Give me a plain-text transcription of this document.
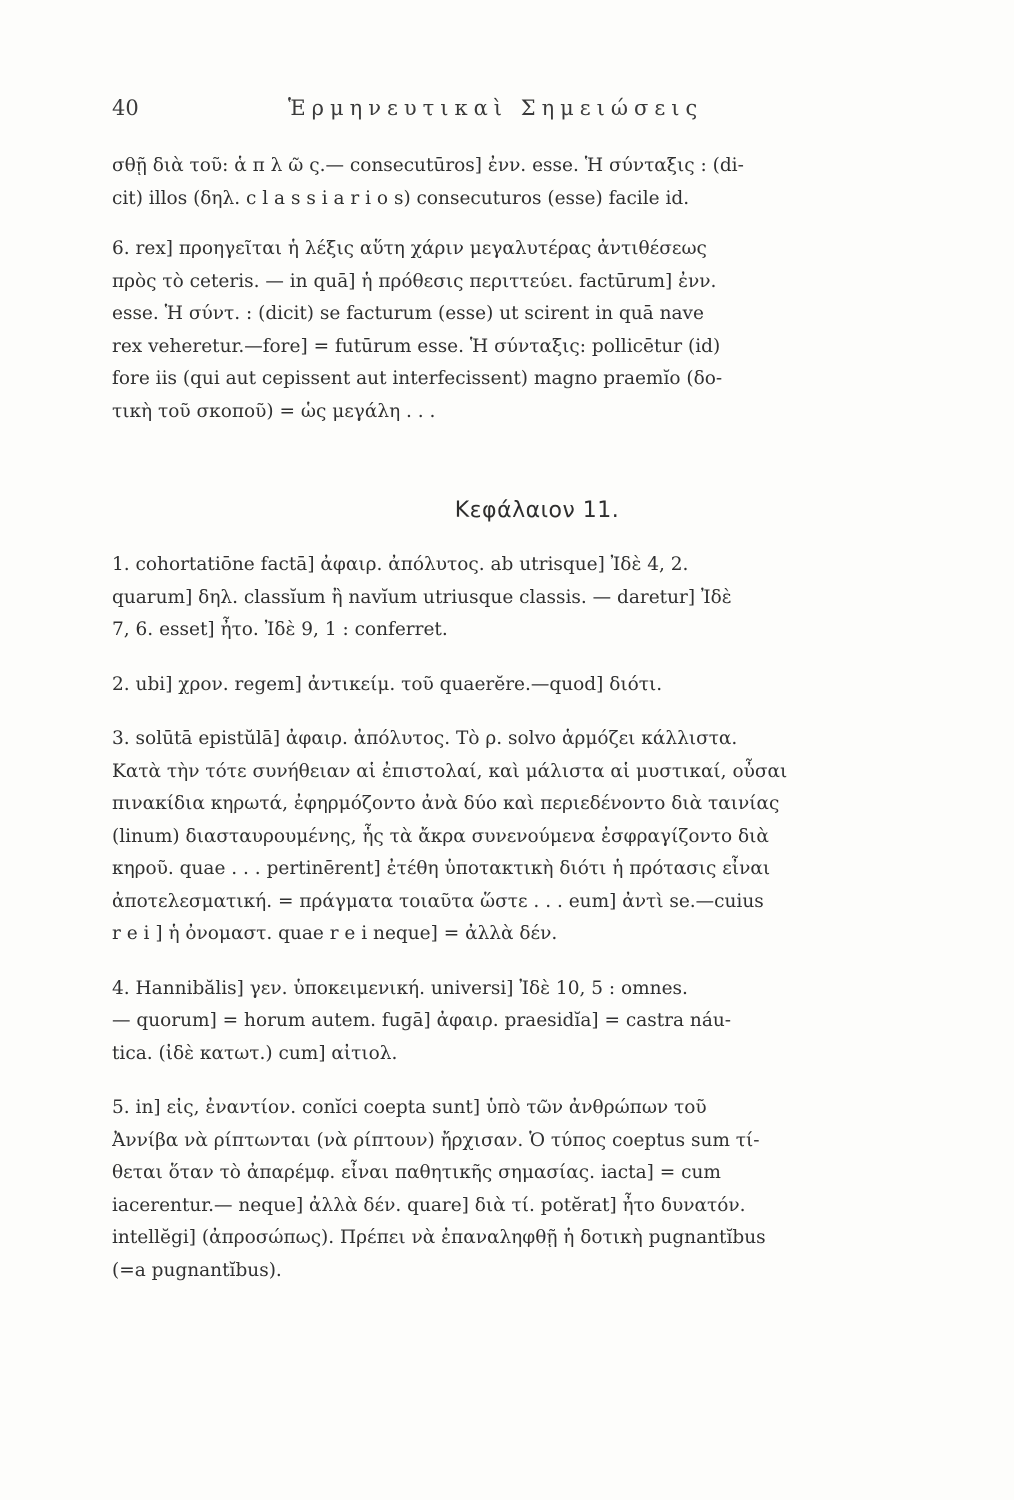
40	Ἑρμηνευτικαὶ Σημειώσεις
σθῇ διὰ τοῦ: ἁ π λ ῶ ς.— consecutūros] ἐνν. esse. Ἡ σύνταξις : (di-
cit) illos (δηλ. c l a s s i a r i o s) consecuturos (esse) facile id.
6. rex] προηγεῖται ἡ λέξις αὕτη χάριν μεγαλυτέρας ἀντιθέσεως
πρὸς τὸ ceteris. — in quā] ἡ πρόθεσις περιττεύει. factūrum] ἐνν.
esse. Ἡ σύντ. : (dicit) se facturum (esse) ut scirent in quā nave
rex veheretur.—fore] = futūrum esse. Ἡ σύνταξις: pollicētur (id)
fore iis (qui aut cepissent aut interfecissent) magno praemĭo (δο-
τικὴ τοῦ σκοποῦ) = ὡς μεγάλη . . .
Κεφάλαιον 11.
1. cohortatiōne factā] ἀφαιρ. ἀπόλυτος. ab utrisque] Ἰδὲ 4, 2.
quarum] δηλ. classĭum ἢ navĭum utriusque classis. — daretur] Ἰδὲ
7, 6. esset] ἦτο. Ἰδὲ 9, 1 : conferret.
2. ubi] χρον. regem] ἀντικείμ. τοῦ quaerĕre.—quod] διότι.
3. solūtā epistŭlā] ἀφαιρ. ἀπόλυτος. Τὸ ρ. solvo ἁρμόζει κάλλιστα.
Κατὰ τὴν τότε συνήθειαν αἱ ἐπιστολαί, καὶ μάλιστα αἱ μυστικαί, οὖσαι
πινακίδια κηρωτά, ἐφηρμόζοντο ἀνὰ δύο καὶ περιεδένοντο διὰ ταινίας
(linum) διασταυρουμένης, ἧς τὰ ἄκρα συνενούμενα ἐσφραγίζοντο διὰ
κηροῦ. quae . . . pertinērent] ἐτέθη ὑποτακτικὴ διότι ἡ πρότασις εἶναι
ἀποτελεσματική. = πράγματα τοιαῦτα ὥστε . . . eum] ἀντὶ se.—cuius
r e i ] ἡ ὀνομαστ. quae r e i neque] = ἀλλὰ δέν.
4. Hannibălis] γεν. ὑποκειμενική. universi] Ἰδὲ 10, 5 : omnes.
— quorum] = horum autem. fugā] ἀφαιρ. praesidĭa] = castra náu-
tica. (ἰδὲ κατωτ.) cum] αἰτιολ.
5. in] εἰς, ἐναντίον. conĭci coepta sunt] ὑπὸ τῶν ἀνθρώπων τοῦ
Ἀννίβα νὰ ρίπτωνται (νὰ ρίπτουν) ἤρχισαν. Ὁ τύπος coeptus sum τί-
θεται ὅταν τὸ ἀπαρέμφ. εἶναι παθητικῆς σημασίας. iacta] = cum
iacerentur.— neque] ἀλλὰ δέν. quare] διὰ τί. potĕrat] ἦτο δυνατόν.
intellĕgi] (ἀπροσώπως). Πρέπει νὰ ἐπαναληφθῇ ἡ δοτικὴ pugnantĭbus
(=a pugnantĭbus).
